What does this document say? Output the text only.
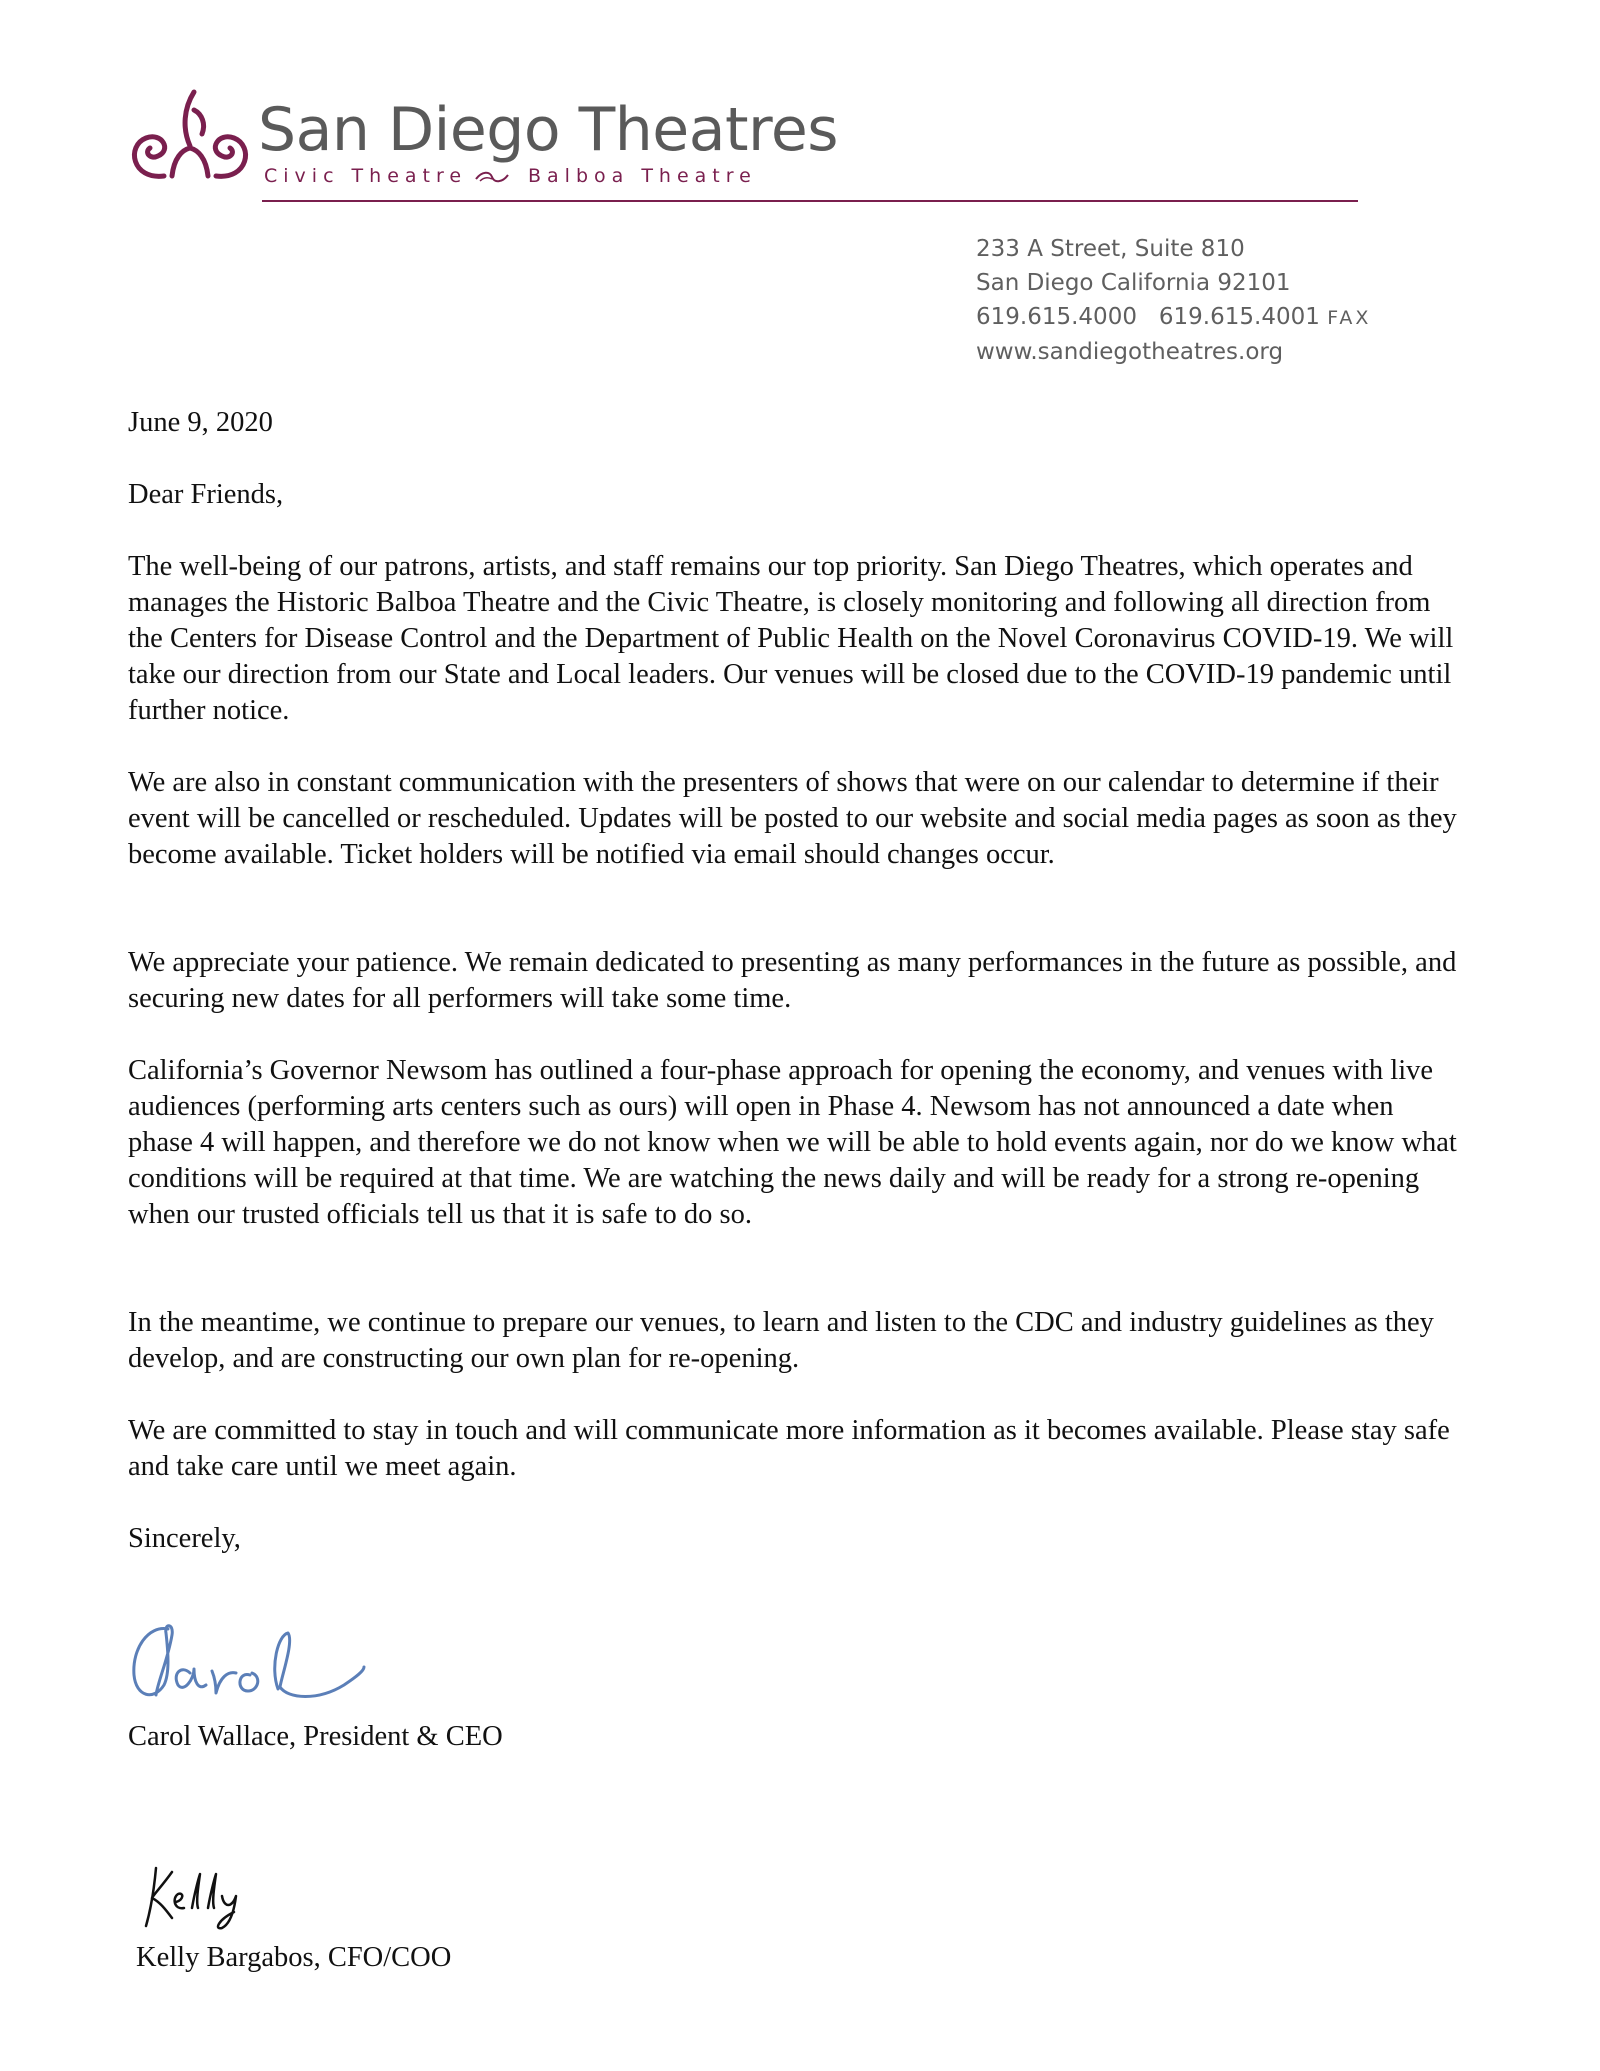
San Diego Theatres
Civic Theatre	Balboa Theatre
233 A Street, Suite 810
San Diego California 92101
619.615.4000 619.615.4001 FAX
www.sandiegotheatres.org
June 9, 2020
Dear Friends,
The well-being of our patrons, artists, and staff remains our top priority. San Diego Theatres, which operates and manages the Historic Balboa Theatre and the Civic Theatre, is closely monitoring and following all direction from the Centers for Disease Control and the Department of Public Health on the Novel Coronavirus COVID-19. We will take our direction from our State and Local leaders. Our venues will be closed due to the COVID-19 pandemic until further notice.
We are also in constant communication with the presenters of shows that were on our calendar to determine if their event will be cancelled or rescheduled. Updates will be posted to our website and social media pages as soon as they become available. Ticket holders will be notified via email should changes occur.
We appreciate your patience. We remain dedicated to presenting as many performances in the future as possible, and securing new dates for all performers will take some time.
California’s Governor Newsom has outlined a four-phase approach for opening the economy, and venues with live audiences (performing arts centers such as ours) will open in Phase 4. Newsom has not announced a date when phase 4 will happen, and therefore we do not know when we will be able to hold events again, nor do we know what conditions will be required at that time. We are watching the news daily and will be ready for a strong re-opening when our trusted officials tell us that it is safe to do so.
In the meantime, we continue to prepare our venues, to learn and listen to the CDC and industry guidelines as they develop, and are constructing our own plan for re-opening.
We are committed to stay in touch and will communicate more information as it becomes available. Please stay safe and take care until we meet again.
Sincerely,
Carol Wallace, President & CEO
Kelly Bargabos, CFO/COO
